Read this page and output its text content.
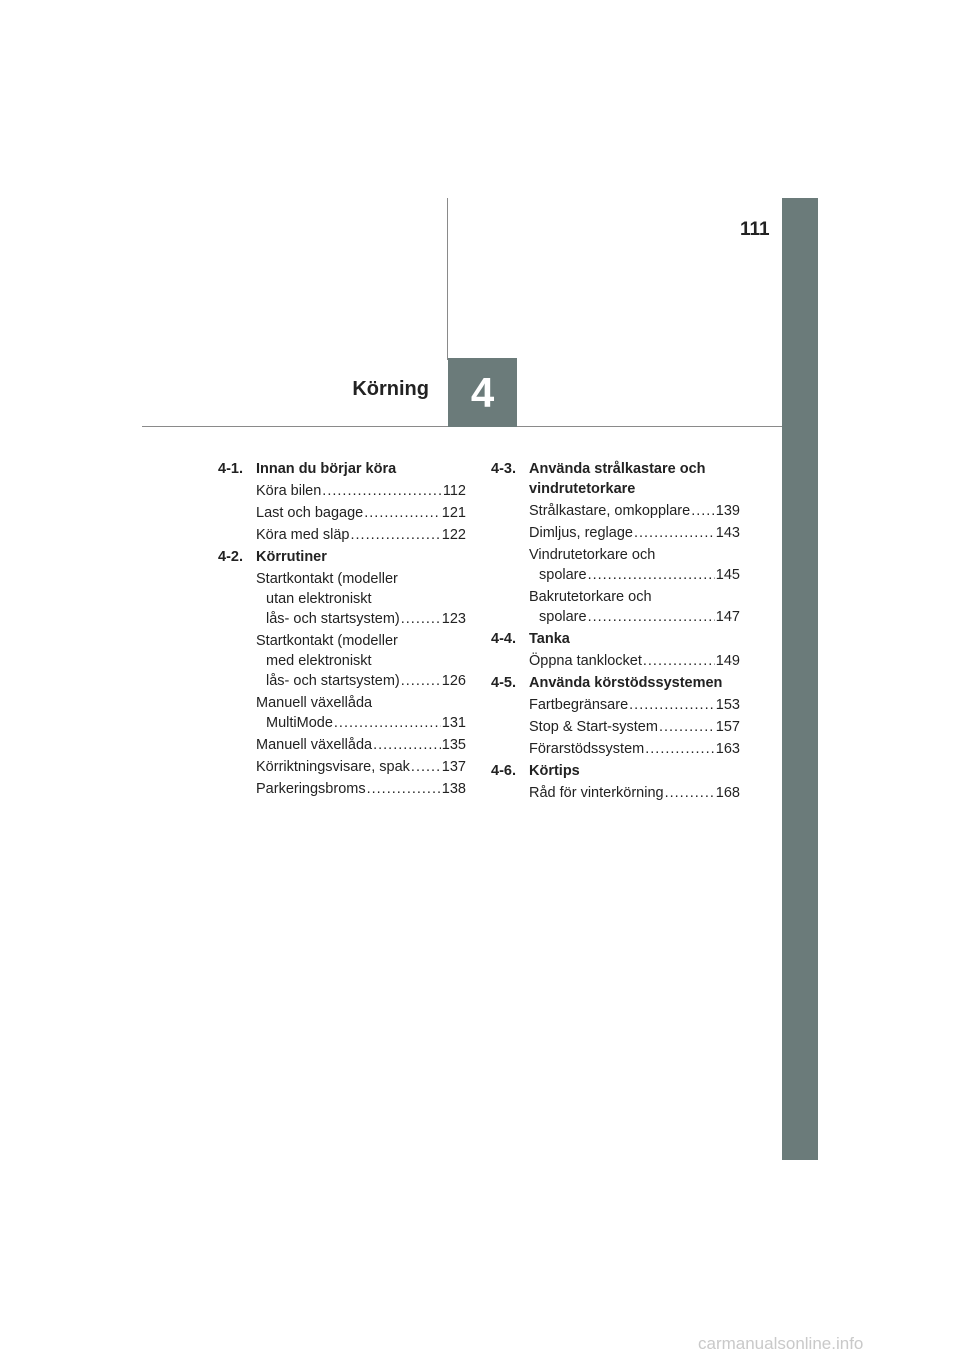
111
Körning 4
4-1. Innan du börjar köra
Köra bilen .....	112
Last och bagage .....	121
Köra med släp .....	122
4-2. Körrutiner
Startkontakt (modeller
utan elektroniskt
lås- och startsystem) .....	123
Startkontakt (modeller
med elektroniskt
lås- och startsystem) .....	126
Manuell växellåda
MultiMode .....	131
Manuell växellåda .....	135
Körriktningsvisare, spak ..... 137
Parkeringsbroms .....	138
4-3. Använda strålkastare och vindrutetorkare
Strålkastare, omkopplare ..... 139
Dimljus, reglage .....	143
Vindrutetorkare och
spolare .....	145
Bakrutetorkare och
spolare .....	147
4-4. Tanka
Öppna tanklocket .....	149
4-5. Använda körstödssystemen
Fartbegränsare .....	153
Stop & Start-system .....	157
Förarstödssystem .....	163
4-6. Körtips
Råd för vinterkörning .....	168
carmanualsonline.info
